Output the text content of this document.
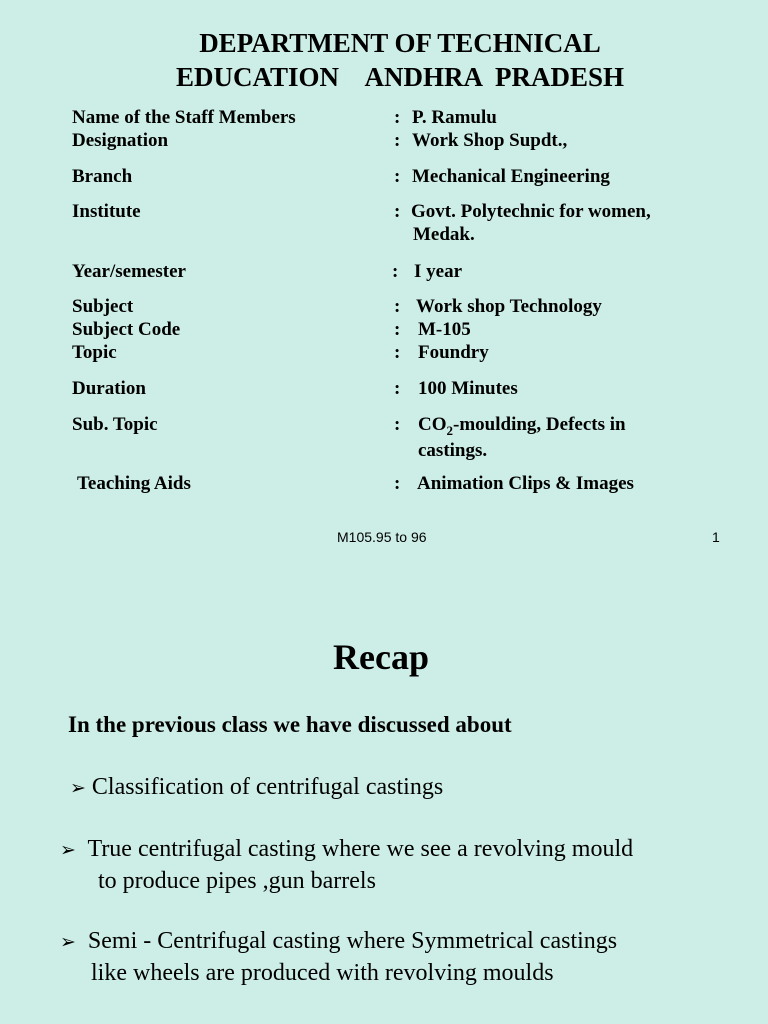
DEPARTMENT OF TECHNICAL
EDUCATION    ANDHRA  PRADESH
Name of the Staff Members	: P. Ramulu
Designation	: Work Shop Supdt.,
Branch	: Mechanical Engineering
Institute	: Govt. Polytechnic for women,
Medak.
Year/semester	: I year
Subject	: Work shop Technology
Subject Code	: M-105
Topic	: Foundry
Duration	: 100 Minutes
Sub. Topic	: $CO_2$-moulding, Defects in
castings.
Teaching Aids	: Animation Clips & Images
M105.95 to 96	1
Recap

In the previous class we have discussed about

➢ Classification of centrifugal castings
➢ True centrifugal casting where we see a revolving mould
to produce pipes ,gun barrels
➢ Semi - Centrifugal casting where Symmetrical castings
like wheels are produced with revolving moulds
